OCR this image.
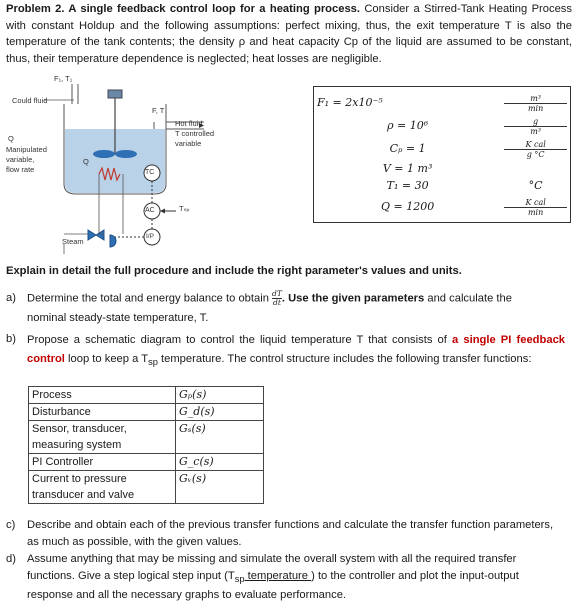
Problem 2. A single feedback control loop for a heating process. Consider a Stirred-Tank Heating Process with constant Holdup and the following assumptions: perfect mixing, thus, the exit temperature T is also the temperature of the tank contents; the density ρ and heat capacity Cp of the liquid are assumed to be constant, thus, their temperature dependence is neglected; heat losses are negligible.
F₁, T₁
Could fluid
F, T
Hot fluid
T controlled
variable
Q
Manipulated
variable,
flow rate
Q
TC
AC
I/P
Tₛₚ
Steam
F₁ = 2x10⁻⁵	m³
min

ρ = 10⁶	g
m³

Cₚ = 1	K cal
g °C

V = 1 m³	
T₁ = 30	°C
Q = 1200	K cal
min
Explain in detail the full procedure and include the right parameter's values and units.
a) Determine the total and energy balance to obtain $\frac{dT}{dt}$ . Use the given parameters and calculate the
nominal steady-state temperature, T.
b) Propose a schematic diagram to control the liquid temperature T that consists of a single PI feedback control loop to keep a $T_{sp}$ temperature. The control structure includes the following transfer functions:
Process	Gₚ(s)
Disturbance	G_d(s)
Sensor, transducer, measuring system	Gₛ(s)
PI Controller	G_c(s)
Current to pressure transducer and valve	Gᵥ(s)
c) Describe and obtain each of the previous transfer functions and calculate the transfer function parameters, as much as possible, with the given values.
d) Assume anything that may be missing and simulate the overall system with all the required transfer functions. Give a step logical step input ($T_{sp}$ temperature ) to the controller and plot the input-output response and all the necessary graphs to evaluate performance.
